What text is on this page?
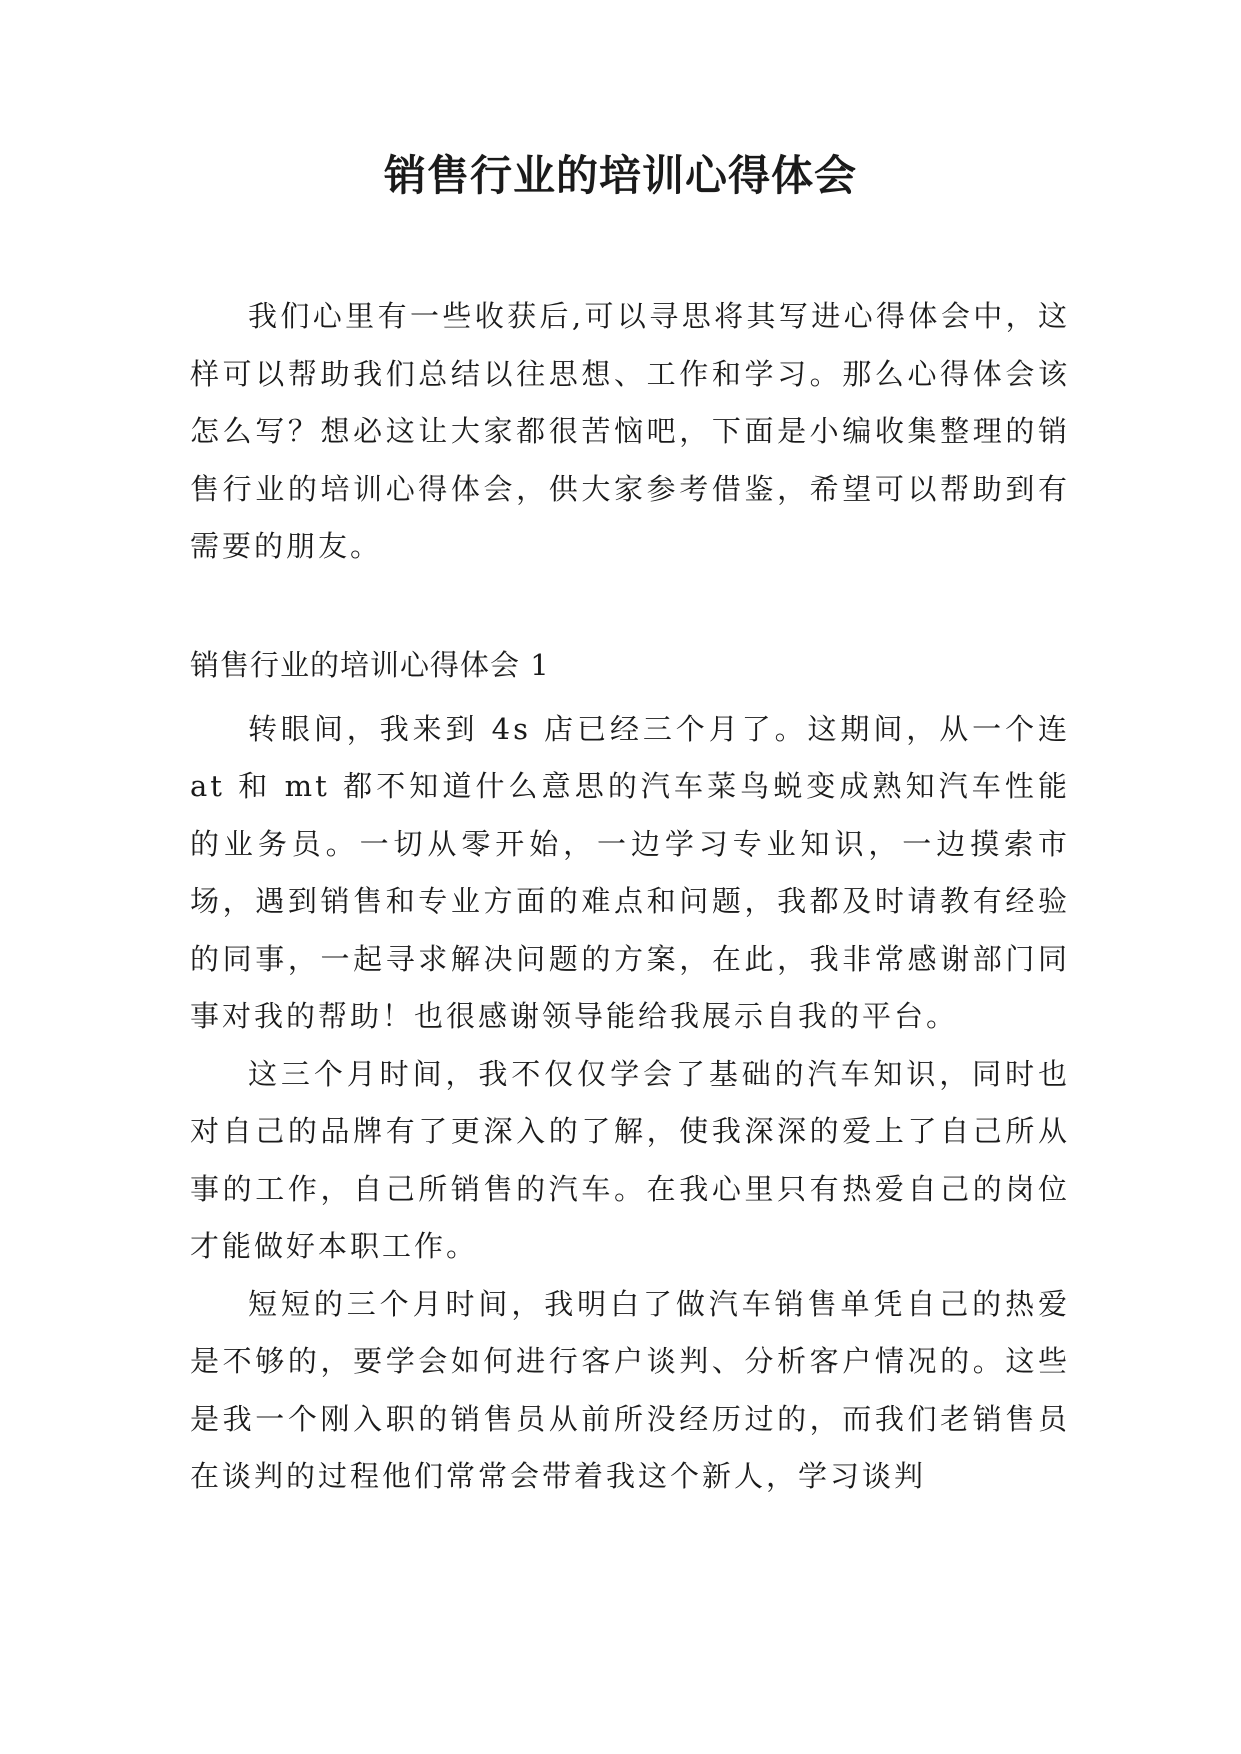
销售行业的培训心得体会

我们心里有一些收获后,可以寻思将其写进心得体会中，这样可以帮助我们总结以往思想、工作和学习。那么心得体会该怎么写？想必这让大家都很苦恼吧，下面是小编收集整理的销售行业的培训心得体会，供大家参考借鉴，希望可以帮助到有需要的朋友。

销售行业的培训心得体会 1

转眼间，我来到 4s 店已经三个月了。这期间，从一个连 at 和 mt 都不知道什么意思的汽车菜鸟蜕变成熟知汽车性能的业务员。一切从零开始，一边学习专业知识，一边摸索市场，遇到销售和专业方面的难点和问题，我都及时请教有经验的同事，一起寻求解决问题的方案，在此，我非常感谢部门同事对我的帮助！也很感谢领导能给我展示自我的平台。

这三个月时间，我不仅仅学会了基础的汽车知识，同时也对自己的品牌有了更深入的了解，使我深深的爱上了自己所从事的工作，自己所销售的汽车。在我心里只有热爱自己的岗位才能做好本职工作。

短短的三个月时间，我明白了做汽车销售单凭自己的热爱是不够的，要学会如何进行客户谈判、分析客户情况的。这些是我一个刚入职的销售员从前所没经历过的，而我们老销售员在谈判的过程他们常常会带着我这个新人，学习谈判
